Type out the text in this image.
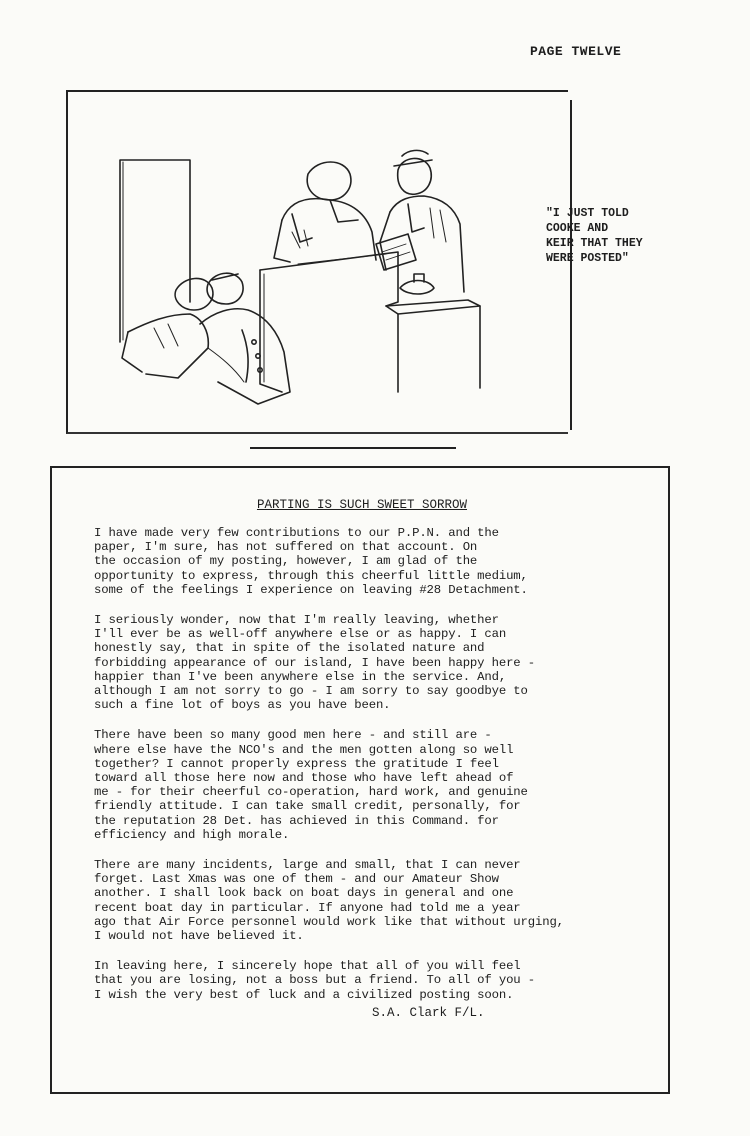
PAGE TWELVE
"I JUST TOLD
COOKE AND
KEIR THAT THEY
WERE POSTED"
PARTING IS SUCH SWEET SORROW

I have made very few contributions to our P.P.N. and the
paper, I'm sure, has not suffered on that account. On
the occasion of my posting, however, I am glad of the
opportunity to express, through this cheerful little medium,
some of the feelings I experience on leaving #28 Detachment.

I seriously wonder, now that I'm really leaving, whether
I'll ever be as well-off anywhere else or as happy. I can
honestly say, that in spite of the isolated nature and
forbidding appearance of our island, I have been happy here -
happier than I've been anywhere else in the service. And,
although I am not sorry to go - I am sorry to say goodbye to
such a fine lot of boys as you have been.

There have been so many good men here - and still are -
where else have the NCO's and the men gotten along so well
together? I cannot properly express the gratitude I feel
toward all those here now and those who have left ahead of
me - for their cheerful co-operation, hard work, and genuine
friendly attitude. I can take small credit, personally, for
the reputation 28 Det. has achieved in this Command. for
efficiency and high morale.

There are many incidents, large and small, that I can never
forget. Last Xmas was one of them - and our Amateur Show
another. I shall look back on boat days in general and one
recent boat day in particular. If anyone had told me a year
ago that Air Force personnel would work like that without urging,
I would not have believed it.

In leaving here, I sincerely hope that all of you will feel
that you are losing, not a boss but a friend. To all of you -
I wish the very best of luck and a civilized posting soon.

S.A. Clark F/L.
